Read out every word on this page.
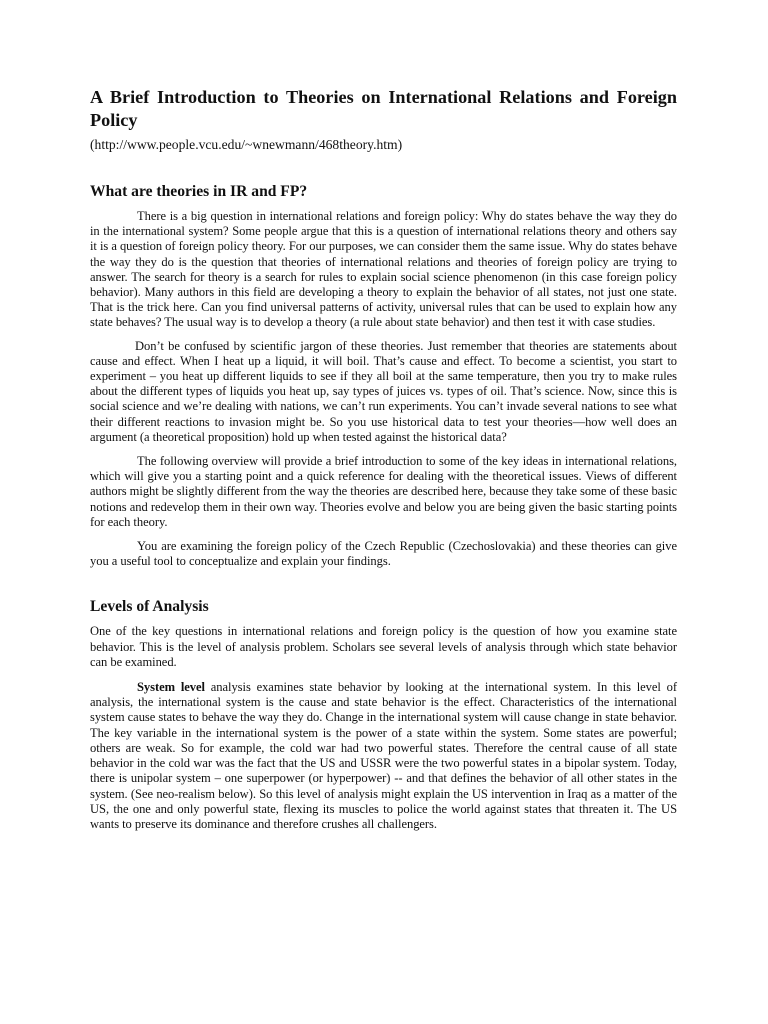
A Brief Introduction to Theories on International Relations and Foreign Policy
(http://www.people.vcu.edu/~wnewmann/468theory.htm)
What are theories in IR and FP?

There is a big question in international relations and foreign policy: Why do states behave the way they do in the international system? Some people argue that this is a question of international relations theory and others say it is a question of foreign policy theory. For our purposes, we can consider them the same issue. Why do states behave the way they do is the question that theories of international relations and theories of foreign policy are trying to answer. The search for theory is a search for rules to explain social science phenomenon (in this case foreign policy behavior). Many authors in this field are developing a theory to explain the behavior of all states, not just one state. That is the trick here. Can you find universal patterns of activity, universal rules that can be used to explain how any state behaves? The usual way is to develop a theory (a rule about state behavior) and then test it with case studies.

Don’t be confused by scientific jargon of these theories. Just remember that theories are statements about cause and effect. When I heat up a liquid, it will boil. That’s cause and effect. To become a scientist, you start to experiment – you heat up different liquids to see if they all boil at the same temperature, then you try to make rules about the different types of liquids you heat up, say types of juices vs. types of oil. That’s science. Now, since this is social science and we’re dealing with nations, we can’t run experiments. You can’t invade several nations to see what their different reactions to invasion might be. So you use historical data to test your theories—how well does an argument (a theoretical proposition) hold up when tested against the historical data?

The following overview will provide a brief introduction to some of the key ideas in international relations, which will give you a starting point and a quick reference for dealing with the theoretical issues. Views of different authors might be slightly different from the way the theories are described here, because they take some of these basic notions and redevelop them in their own way. Theories evolve and below you are being given the basic starting points for each theory.

You are examining the foreign policy of the Czech Republic (Czechoslovakia) and these theories can give you a useful tool to conceptualize and explain your findings.

Levels of Analysis

One of the key questions in international relations and foreign policy is the question of how you examine state behavior. This is the level of analysis problem. Scholars see several levels of analysis through which state behavior can be examined.

System level analysis examines state behavior by looking at the international system. In this level of analysis, the international system is the cause and state behavior is the effect. Characteristics of the international system cause states to behave the way they do. Change in the international system will cause change in state behavior. The key variable in the international system is the power of a state within the system. Some states are powerful; others are weak. So for example, the cold war had two powerful states. Therefore the central cause of all state behavior in the cold war was the fact that the US and USSR were the two powerful states in a bipolar system. Today, there is unipolar system – one superpower (or hyperpower) -- and that defines the behavior of all other states in the system. (See neo-realism below). So this level of analysis might explain the US intervention in Iraq as a matter of the US, the one and only powerful state, flexing its muscles to police the world against states that threaten it. The US wants to preserve its dominance and therefore crushes all challengers.
